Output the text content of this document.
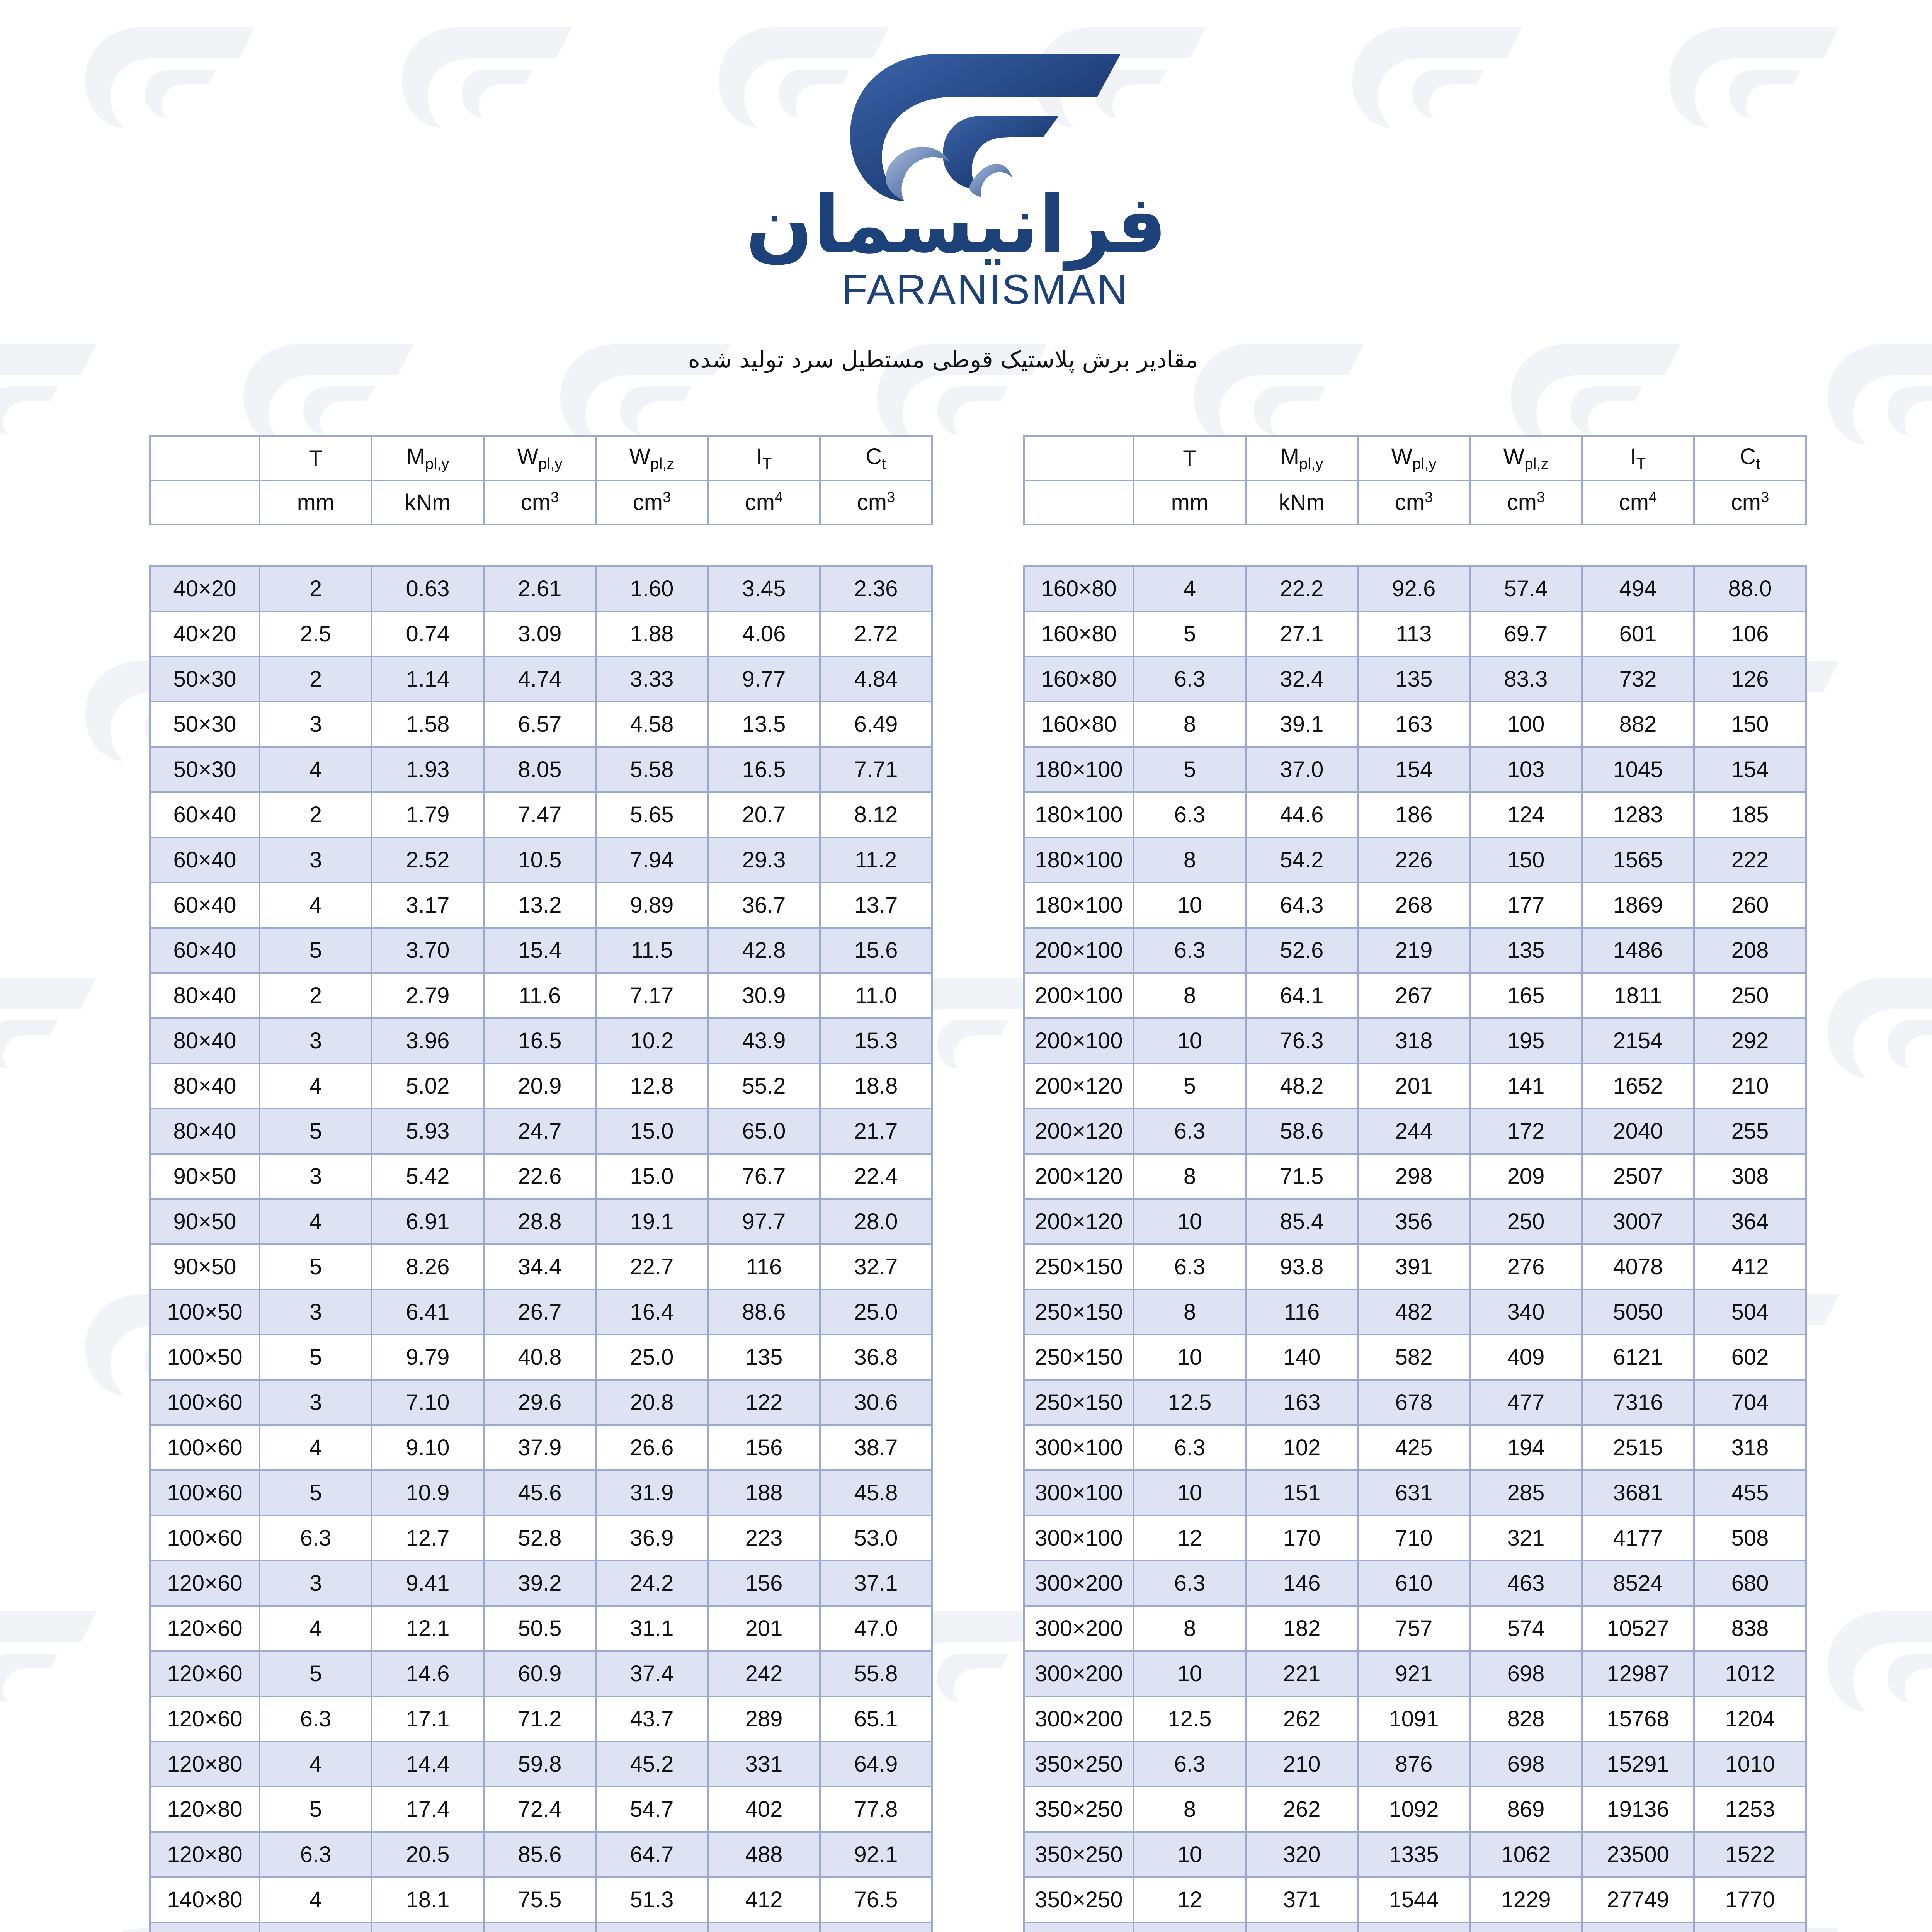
فرانیسمان
FARANISMAN
مقادیر برش پلاستیک قوطی مستطیل سرد تولید شده
	T	$M_{pl,y}$	$W_{pl,y}$	$W_{pl,z}$	$I_T$	$C_t$
	mm	kNm	$cm^3$	$cm^3$	$cm^4$	$cm^3$
40×20	2	0.63	2.61	1.60	3.45	2.36
40×20	2.5	0.74	3.09	1.88	4.06	2.72
50×30	2	1.14	4.74	3.33	9.77	4.84
50×30	3	1.58	6.57	4.58	13.5	6.49
50×30	4	1.93	8.05	5.58	16.5	7.71
60×40	2	1.79	7.47	5.65	20.7	8.12
60×40	3	2.52	10.5	7.94	29.3	11.2
60×40	4	3.17	13.2	9.89	36.7	13.7
60×40	5	3.70	15.4	11.5	42.8	15.6
80×40	2	2.79	11.6	7.17	30.9	11.0
80×40	3	3.96	16.5	10.2	43.9	15.3
80×40	4	5.02	20.9	12.8	55.2	18.8
80×40	5	5.93	24.7	15.0	65.0	21.7
90×50	3	5.42	22.6	15.0	76.7	22.4
90×50	4	6.91	28.8	19.1	97.7	28.0
90×50	5	8.26	34.4	22.7	116	32.7
100×50	3	6.41	26.7	16.4	88.6	25.0
100×50	5	9.79	40.8	25.0	135	36.8
100×60	3	7.10	29.6	20.8	122	30.6
100×60	4	9.10	37.9	26.6	156	38.7
100×60	5	10.9	45.6	31.9	188	45.8
100×60	6.3	12.7	52.8	36.9	223	53.0
120×60	3	9.41	39.2	24.2	156	37.1
120×60	4	12.1	50.5	31.1	201	47.0
120×60	5	14.6	60.9	37.4	242	55.8
120×60	6.3	17.1	71.2	43.7	289	65.1
120×80	4	14.4	59.8	45.2	331	64.9
120×80	5	17.4	72.4	54.7	402	77.8
120×80	6.3	20.5	85.6	64.7	488	92.1
140×80	4	18.1	75.5	51.3	412	76.5

	T	$M_{pl,y}$	$W_{pl,y}$	$W_{pl,z}$	$I_T$	$C_t$
	mm	kNm	$cm^3$	$cm^3$	$cm^4$	$cm^3$
160×80	4	22.2	92.6	57.4	494	88.0
160×80	5	27.1	113	69.7	601	106
160×80	6.3	32.4	135	83.3	732	126
160×80	8	39.1	163	100	882	150
180×100	5	37.0	154	103	1045	154
180×100	6.3	44.6	186	124	1283	185
180×100	8	54.2	226	150	1565	222
180×100	10	64.3	268	177	1869	260
200×100	6.3	52.6	219	135	1486	208
200×100	8	64.1	267	165	1811	250
200×100	10	76.3	318	195	2154	292
200×120	5	48.2	201	141	1652	210
200×120	6.3	58.6	244	172	2040	255
200×120	8	71.5	298	209	2507	308
200×120	10	85.4	356	250	3007	364
250×150	6.3	93.8	391	276	4078	412
250×150	8	116	482	340	5050	504
250×150	10	140	582	409	6121	602
250×150	12.5	163	678	477	7316	704
300×100	6.3	102	425	194	2515	318
300×100	10	151	631	285	3681	455
300×100	12	170	710	321	4177	508
300×200	6.3	146	610	463	8524	680
300×200	8	182	757	574	10527	838
300×200	10	221	921	698	12987	1012
300×200	12.5	262	1091	828	15768	1204
350×250	6.3	210	876	698	15291	1010
350×250	8	262	1092	869	19136	1253
350×250	10	320	1335	1062	23500	1522
350×250	12	371	1544	1229	27749	1770
